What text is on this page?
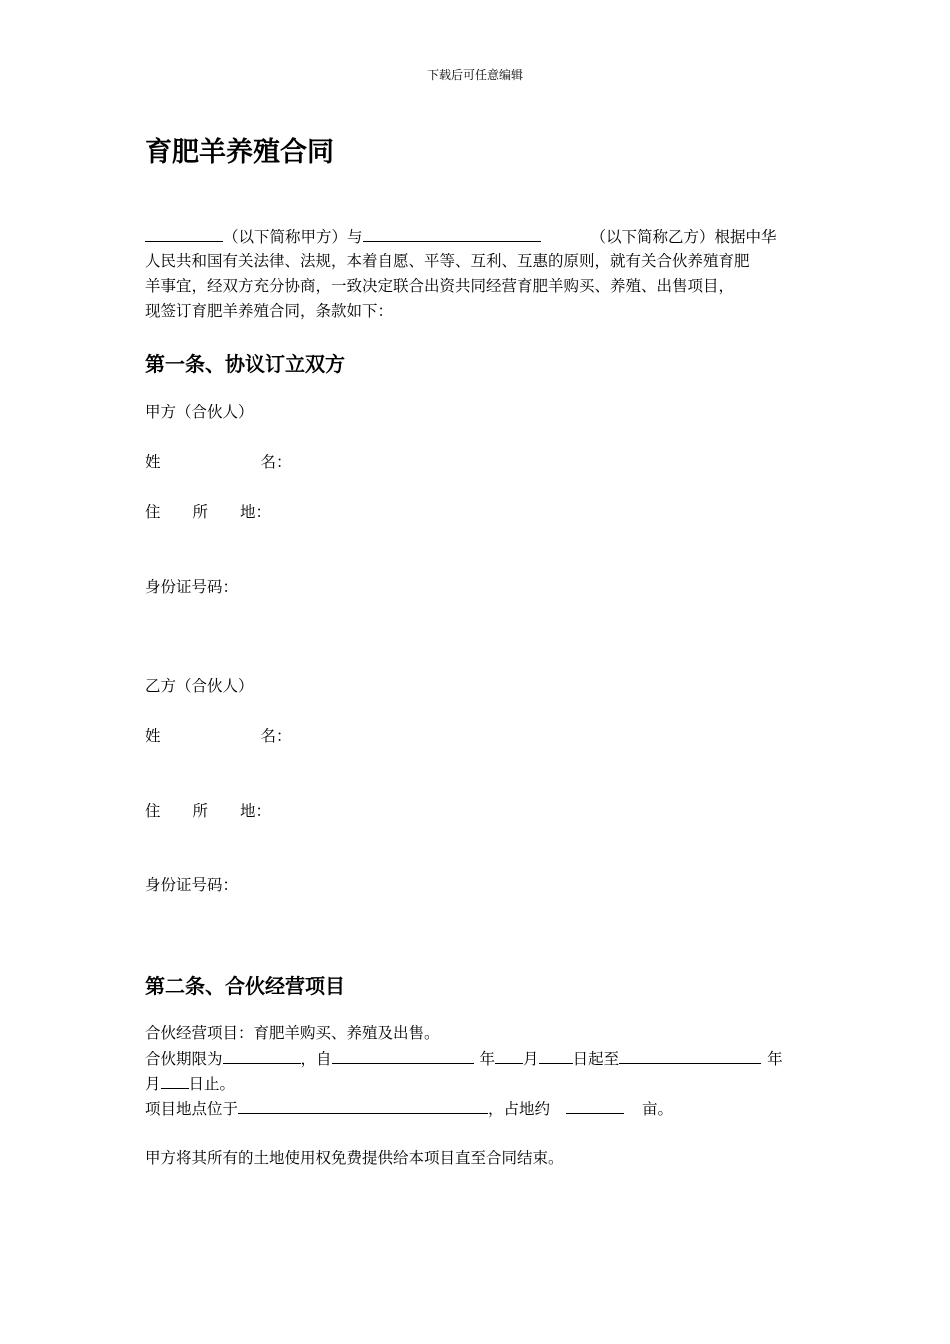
下载后可任意编辑
育肥羊养殖合同
（以下简称甲方）与	（以下简称乙方）根据中华
人民共和国有关法律、法规，本着自愿、平等、互利、互惠的原则，就有关合伙养殖育肥
羊事宜，经双方充分协商，一致决定联合出资共同经营育肥羊购买、养殖、出售项目，
现签订育肥羊养殖合同，条款如下：
第一条、协议订立双方
甲方（合伙人）
姓	名：
住 所 地：
身份证号码：
乙方（合伙人）
姓	名：
住 所 地：
身份证号码：
第二条、合伙经营项目
合伙经营项目：育肥羊购买、养殖及出售。
合伙期限为	，自	年 月 日起至	年
月 日止。
项目地点位于	，占地约	亩。
甲方将其所有的土地使用权免费提供给本项目直至合同结束。
